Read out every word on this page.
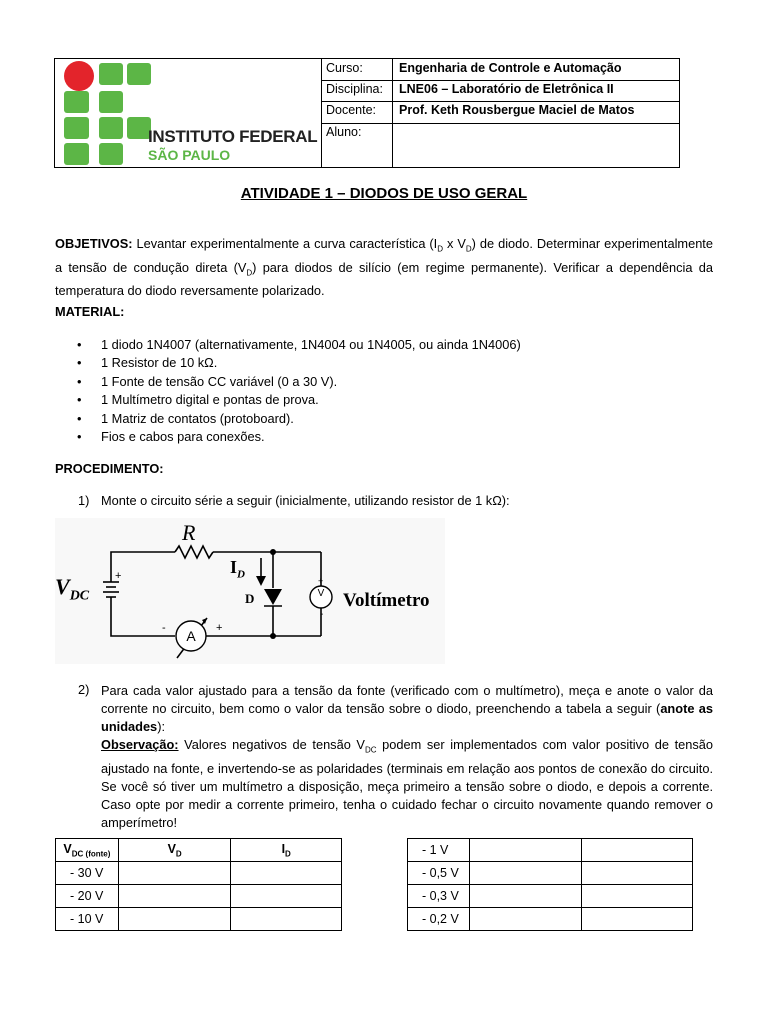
INSTITUTO FEDERAL
SÃO PAULO
Curso:	Engenharia de Controle e Automação
Disciplina:	LNE06 – Laboratório de Eletrônica II
Docente:	Prof. Keth Rousbergue Maciel de Matos
Aluno:
ATIVIDADE 1 – DIODOS DE USO GERAL
OBJETIVOS: Levantar experimentalmente a curva característica ($I_D$ x $V_D$) de diodo. Determinar experimentalmente a tensão de condução direta $(V_D)$ para diodos de silício (em regime permanente). Verificar a dependência da temperatura do diodo reversamente polarizado.
MATERIAL:
• 1 diodo 1N4007 (alternativamente, 1N4004 ou 1N4005, ou ainda 1N4006)
• 1 Resistor de 10 kΩ.
• 1 Fonte de tensão CC variável (0 a 30 V).
• 1 Multímetro digital e pontas de prova.
• 1 Matriz de contatos (protoboard).
• Fios e cabos para conexões.
PROCEDIMENTO:
1) Monte o circuito série a seguir (inicialmente, utilizando resistor de 1 kΩ):
R
$V_{DC}$
+	$I_D$
D	V
+
-
Voltímetro
A
-	+
2) Para cada valor ajustado para a tensão da fonte (verificado com o multímetro), meça e anote o valor da corrente no circuito, bem como o valor da tensão sobre o diodo, preenchendo a tabela a seguir (anote as unidades):
Observação: Valores negativos de tensão $V_{DC}$ podem ser implementados com valor positivo de tensão ajustado na fonte, e invertendo-se as polaridades (terminais em relação aos pontos de conexão do circuito. Se você só tiver um multímetro a disposição, meça primeiro a tensão sobre o diodo, e depois a corrente. Caso opte por medir a corrente primeiro, tenha o cuidado fechar o circuito novamente quando remover o amperímetro!
$V_{DC (fonte)}$	$V_D$	$I_D$
- 30 V		
- 20 V		
- 10 V		
- 1 V		
- 0,5 V		
- 0,3 V		
- 0,2 V		
